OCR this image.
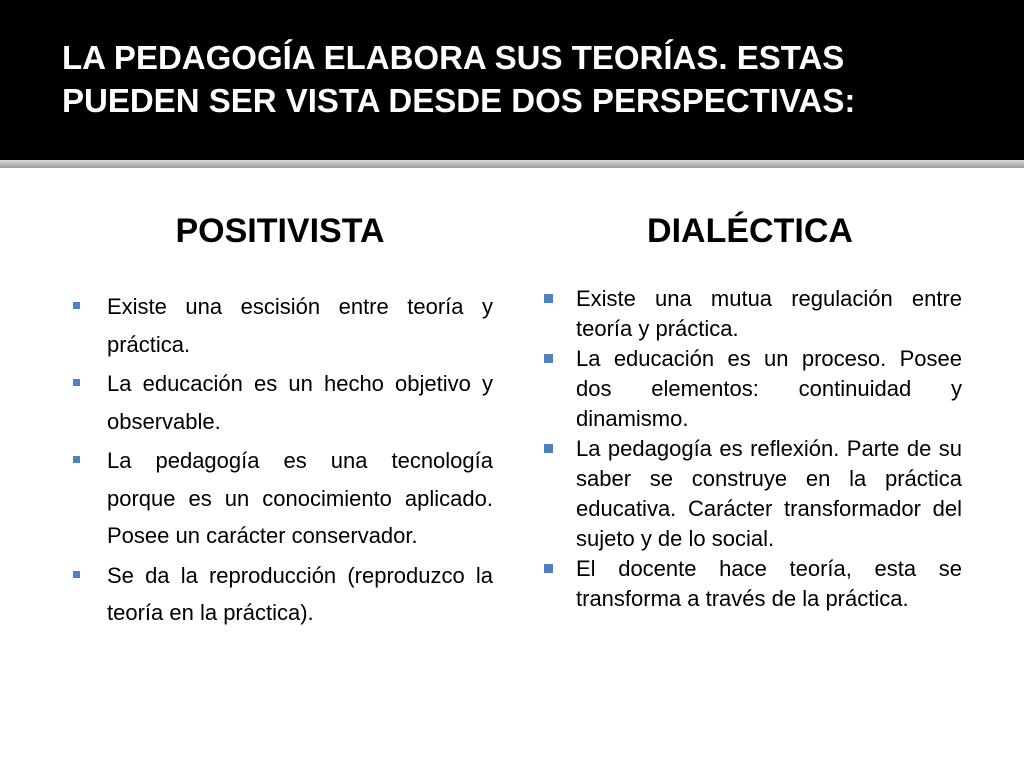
LA PEDAGOGÍA ELABORA SUS TEORÍAS. ESTAS PUEDEN SER VISTA DESDE DOS PERSPECTIVAS:
POSITIVISTA	DIALÉCTICA
Existe una escisión entre teoría y práctica.
La educación es un hecho objetivo y observable.
La pedagogía es una tecnología porque es un conocimiento aplicado. Posee un carácter conservador.
Se da la reproducción (reproduzco la teoría en la práctica).
Existe una mutua regulación entre teoría y práctica.
La educación es un proceso. Posee dos elementos: continuidad y dinamismo.
La pedagogía es reflexión. Parte de su saber se construye en la práctica educativa. Carácter transformador del sujeto y de lo social.
El docente hace teoría, esta se transforma a través de la práctica.
